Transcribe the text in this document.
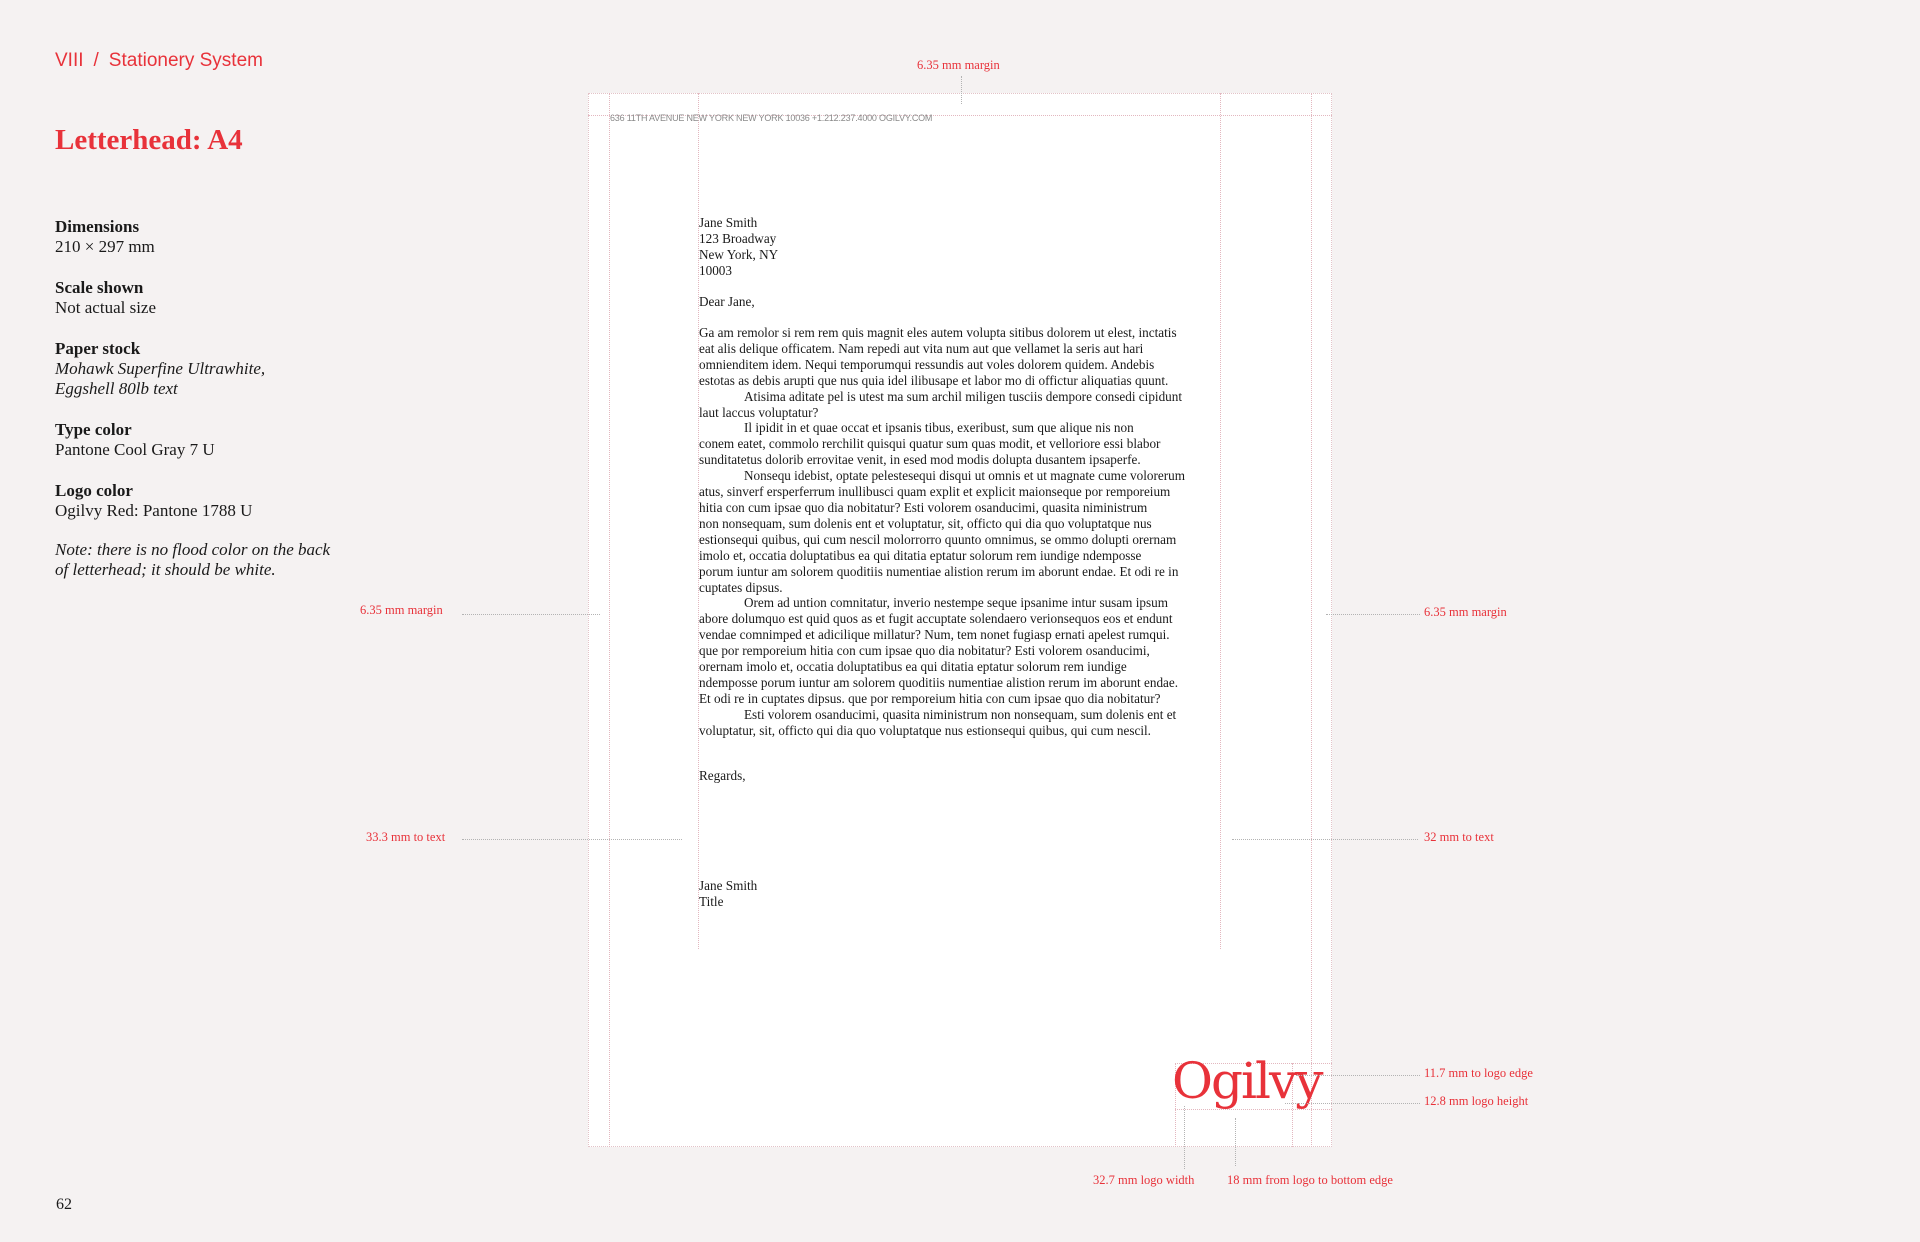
VIII / Stationery System
Letterhead: A4
Dimensions
210 × 297 mm
Scale shown
Not actual size
Paper stock
Mohawk Superfine Ultrawhite,
Eggshell 80lb text
Type color
Pantone Cool Gray 7 U
Logo color
Ogilvy Red: Pantone 1788 U
Note: there is no flood color on the back
of letterhead; it should be white.
62
636 11TH AVENUE NEW YORK NEW YORK 10036 +1.212.237.4000 OGILVY.COM
Jane Smith
123 Broadway
New York, NY
10003
Dear Jane,
Ga am remolor si rem rem quis magnit eles autem volupta sitibus dolorem ut elest, inctatis
eat alis delique officatem. Nam repedi aut vita num aut que vellamet la seris aut hari
omnienditem idem. Nequi temporumqui ressundis aut voles dolorem quidem. Andebis
estotas as debis arupti que nus quia idel ilibusape et labor mo di offictur aliquatias quunt.
Atisima aditate pel is utest ma sum archil miligen tusciis dempore consedi cipidunt
laut laccus voluptatur?
Il ipidit in et quae occat et ipsanis tibus, exeribust, sum que alique nis non
conem eatet, commolo rerchilit quisqui quatur sum quas modit, et velloriore essi blabor
sunditatetus dolorib errovitae venit, in esed mod modis dolupta dusantem ipsaperfe.
Nonsequ idebist, optate pelestesequi disqui ut omnis et ut magnate cume volorerum
atus, sinverf ersperferrum inullibusci quam explit et explicit maionseque por remporeium
hitia con cum ipsae quo dia nobitatur? Esti volorem osanducimi, quasita niministrum
non nonsequam, sum dolenis ent et voluptatur, sit, officto qui dia quo voluptatque nus
estionsequi quibus, qui cum nescil molorrorro quunto omnimus, se ommo dolupti orernam
imolo et, occatia doluptatibus ea qui ditatia eptatur solorum rem iundige ndemposse
porum iuntur am solorem quoditiis numentiae alistion rerum im aborunt endae. Et odi re in
cuptates dipsus.
Orem ad untion comnitatur, inverio nestempe seque ipsanime intur susam ipsum
abore dolumquo est quid quos as et fugit accuptate solendaero verionsequos eos et endunt
vendae comnimped et adicilique millatur? Num, tem nonet fugiasp ernati apelest rumqui.
que por remporeium hitia con cum ipsae quo dia nobitatur? Esti volorem osanducimi,
orernam imolo et, occatia doluptatibus ea qui ditatia eptatur solorum rem iundige
ndemposse porum iuntur am solorem quoditiis numentiae alistion rerum im aborunt endae.
Et odi re in cuptates dipsus. que por remporeium hitia con cum ipsae quo dia nobitatur?
Esti volorem osanducimi, quasita niministrum non nonsequam, sum dolenis ent et
voluptatur, sit, officto qui dia quo voluptatque nus estionsequi quibus, qui cum nescil.
Regards,
Jane Smith
Title
Ogilvy
6.35 mm margin
6.35 mm margin	6.35 mm margin
33.3 mm to text	32 mm to text
11.7 mm to logo edge
12.8 mm logo height
32.7 mm logo width	18 mm from logo to bottom edge
